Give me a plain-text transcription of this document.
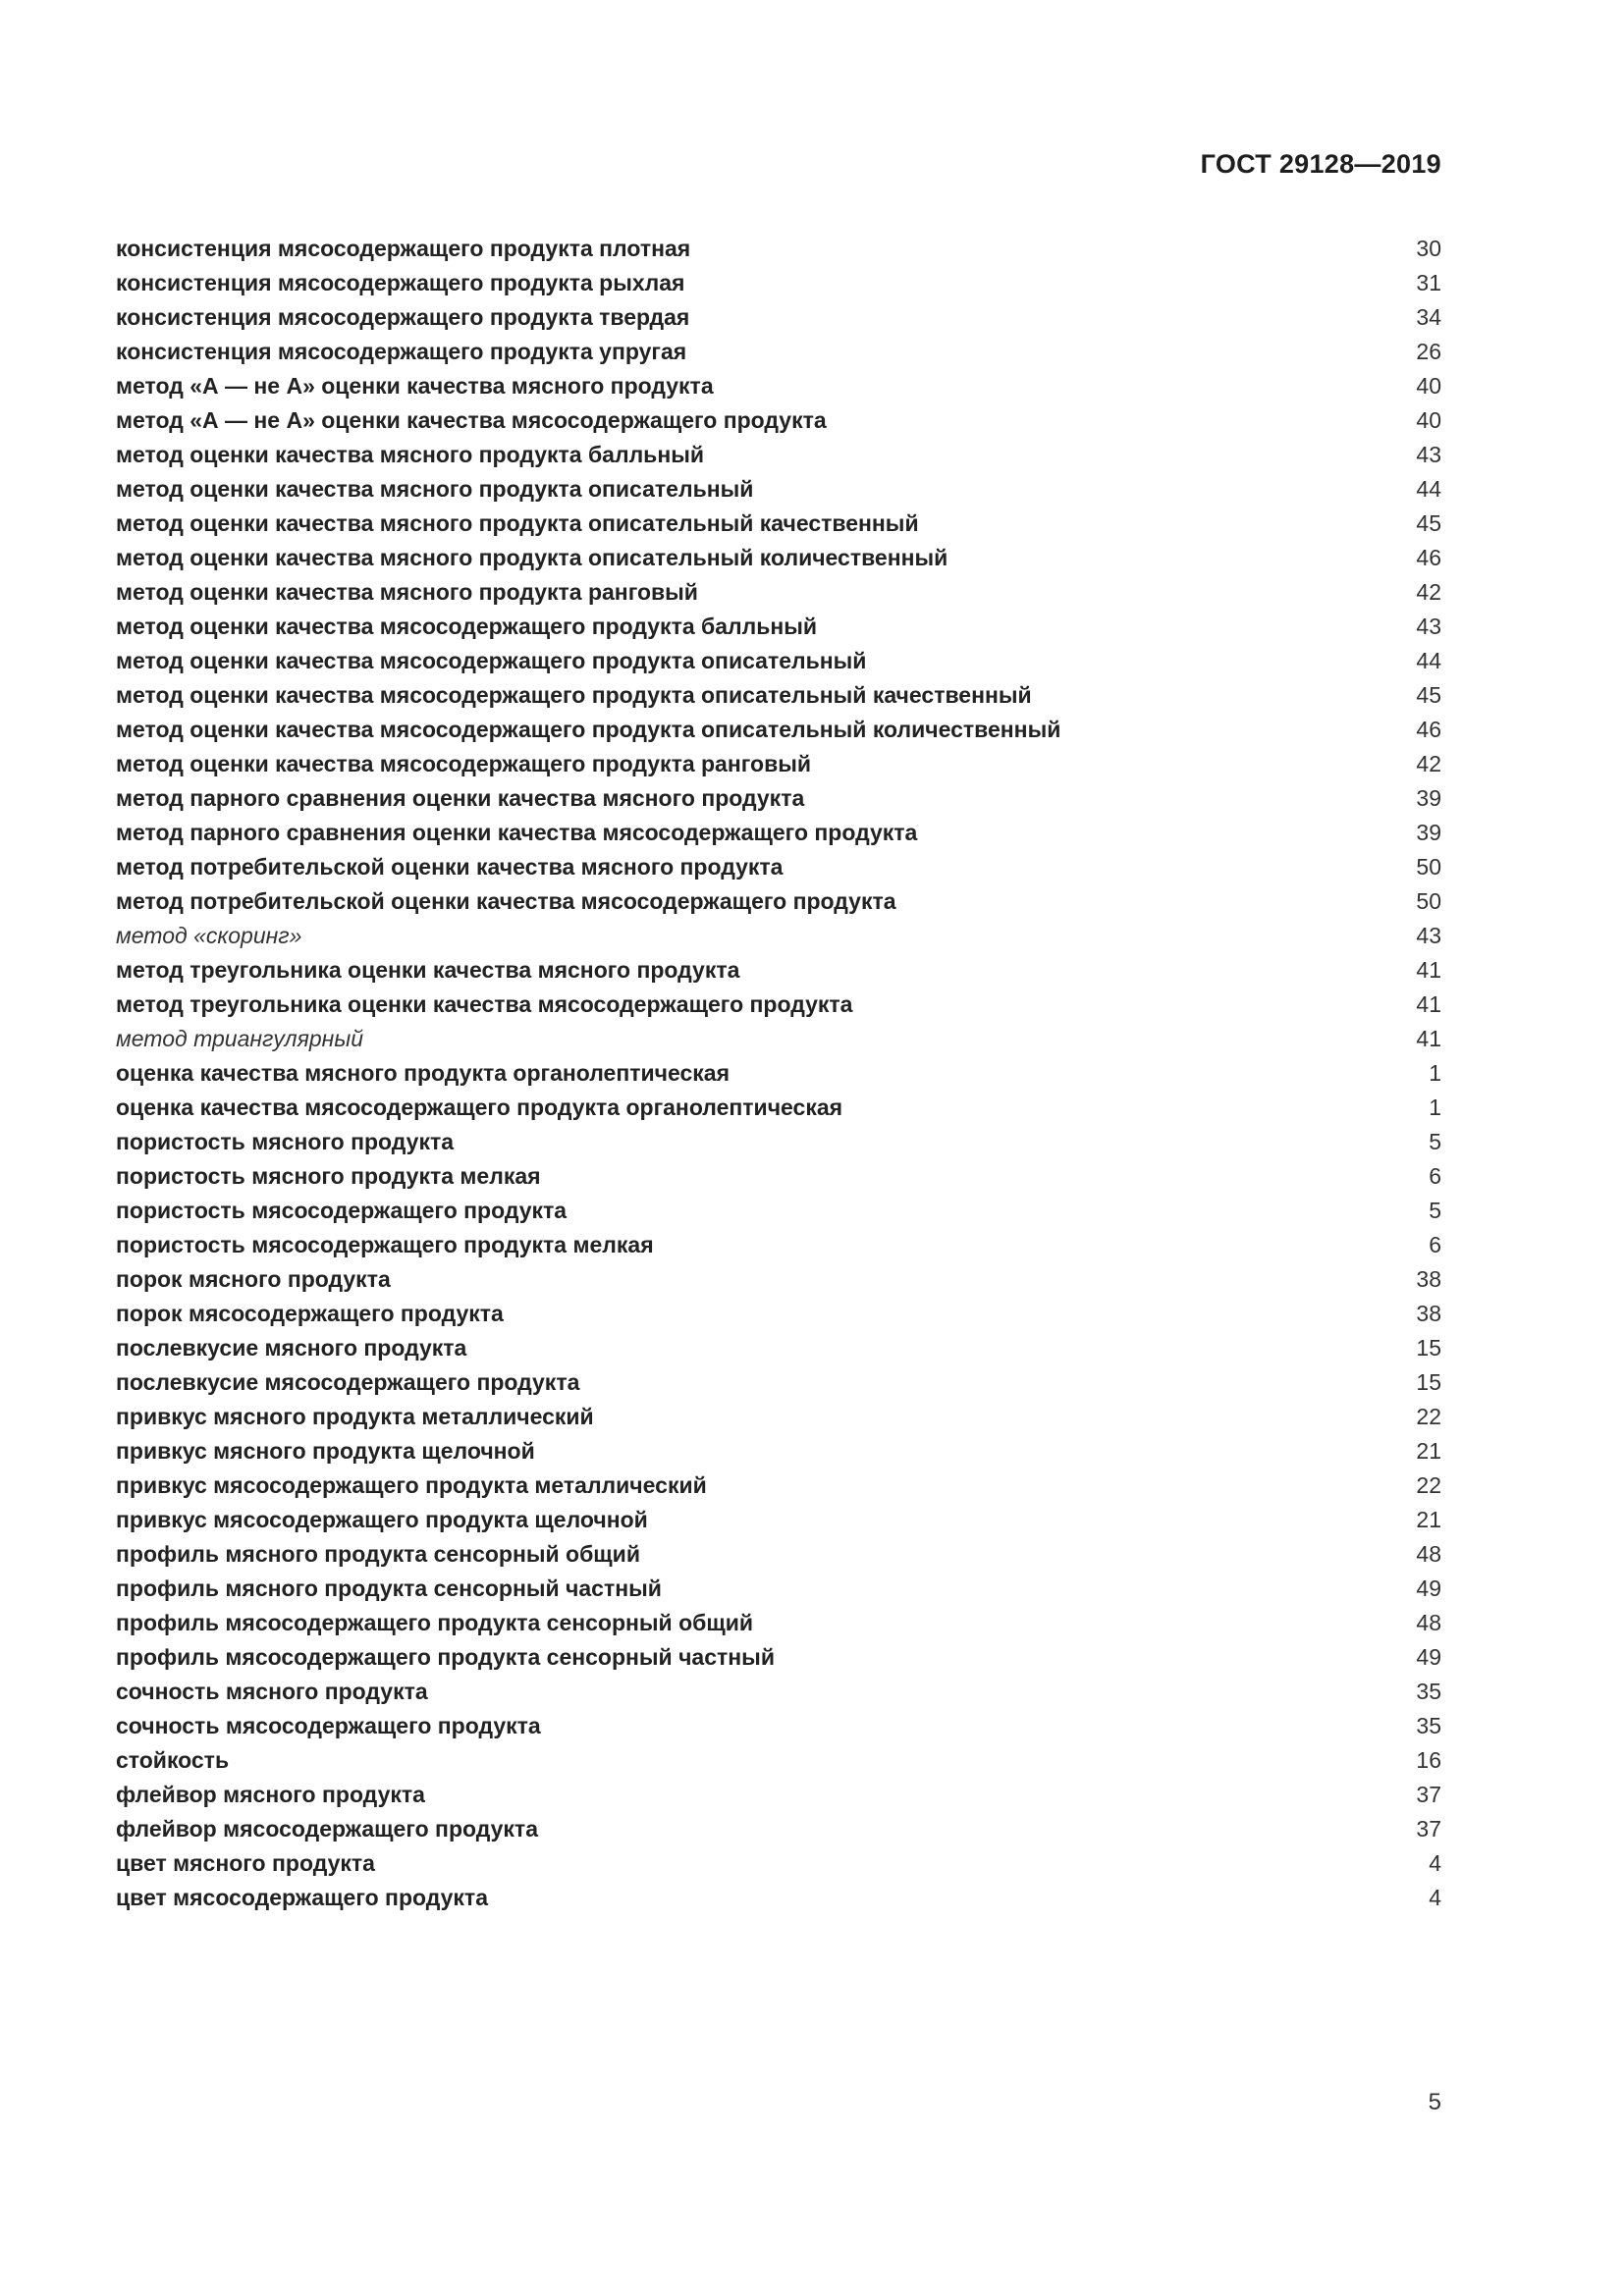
ГОСТ 29128—2019
консистенция мясосодержащего продукта плотная	30
консистенция мясосодержащего продукта рыхлая	31
консистенция мясосодержащего продукта твердая	34
консистенция мясосодержащего продукта упругая	26
метод «А — не А» оценки качества мясного продукта	40
метод «А — не А» оценки качества мясосодержащего продукта	40
метод оценки качества мясного продукта балльный	43
метод оценки качества мясного продукта описательный	44
метод оценки качества мясного продукта описательный качественный	45
метод оценки качества мясного продукта описательный количественный	46
метод оценки качества мясного продукта ранговый	42
метод оценки качества мясосодержащего продукта балльный	43
метод оценки качества мясосодержащего продукта описательный	44
метод оценки качества мясосодержащего продукта описательный качественный	45
метод оценки качества мясосодержащего продукта описательный количественный	46
метод оценки качества мясосодержащего продукта ранговый	42
метод парного сравнения оценки качества мясного продукта	39
метод парного сравнения оценки качества мясосодержащего продукта	39
метод потребительской оценки качества мясного продукта	50
метод потребительской оценки качества мясосодержащего продукта	50
метод «скоринг»	43
метод треугольника оценки качества мясного продукта	41
метод треугольника оценки качества мясосодержащего продукта	41
метод триангулярный	41
оценка качества мясного продукта органолептическая	1
оценка качества мясосодержащего продукта органолептическая	1
пористость мясного продукта	5
пористость мясного продукта мелкая	6
пористость мясосодержащего продукта	5
пористость мясосодержащего продукта мелкая	6
порок мясного продукта	38
порок мясосодержащего продукта	38
послевкусие мясного продукта	15
послевкусие мясосодержащего продукта	15
привкус мясного продукта металлический	22
привкус мясного продукта щелочной	21
привкус мясосодержащего продукта металлический	22
привкус мясосодержащего продукта щелочной	21
профиль мясного продукта сенсорный общий	48
профиль мясного продукта сенсорный частный	49
профиль мясосодержащего продукта сенсорный общий	48
профиль мясосодержащего продукта сенсорный частный	49
сочность мясного продукта	35
сочность мясосодержащего продукта	35
стойкость	16
флейвор мясного продукта	37
флейвор мясосодержащего продукта	37
цвет мясного продукта	4
цвет мясосодержащего продукта	4
5
